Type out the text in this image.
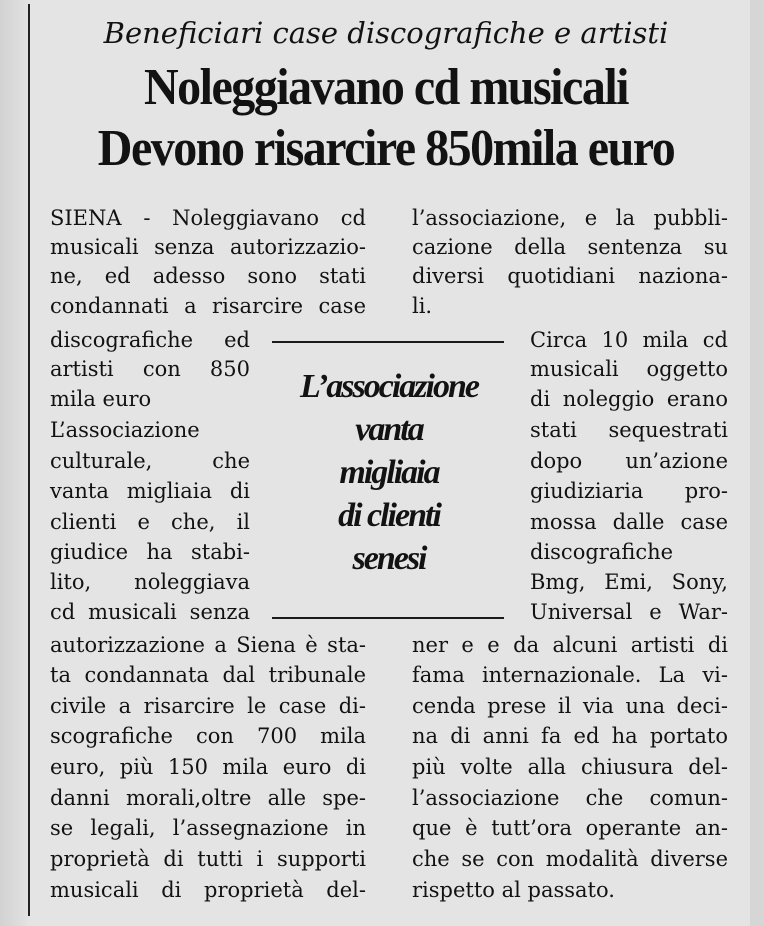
Beneficiari case discografiche e artisti
Noleggiavano cd musicali
Devono risarcire 850mila euro
SIENA - Noleggiavano cd
musicali senza autorizzazio-
ne, ed adesso sono stati
condannati a risarcire case
discografiche ed
artisti con 850
mila euro
L’associazione
culturale, che
vanta migliaia di
clienti e che, il
giudice ha stabi-
lito, noleggiava
cd musicali senza
autorizzazione a Siena è sta-
ta condannata dal tribunale
civile a risarcire le case di-
scografiche con 700 mila
euro, più 150 mila euro di
danni morali,oltre alle spe-
se legali, l’assegnazione in
proprietà di tutti i supporti
musicali di proprietà del-
l’associazione, e la pubbli-
cazione della sentenza su
diversi quotidiani naziona-
li.
Circa 10 mila cd
musicali oggetto
di noleggio erano
stati sequestrati
dopo un’azione
giudiziaria pro-
mossa dalle case
discografiche
Bmg, Emi, Sony,
Universal e War-
ner e e da alcuni artisti di
fama internazionale. La vi-
cenda prese il via una deci-
na di anni fa ed ha portato
più volte alla chiusura del-
l’associazione che comun-
que è tutt’ora operante an-
che se con modalità diverse
rispetto al passato.
L’associazione
vanta
migliaia
di clienti
senesi
